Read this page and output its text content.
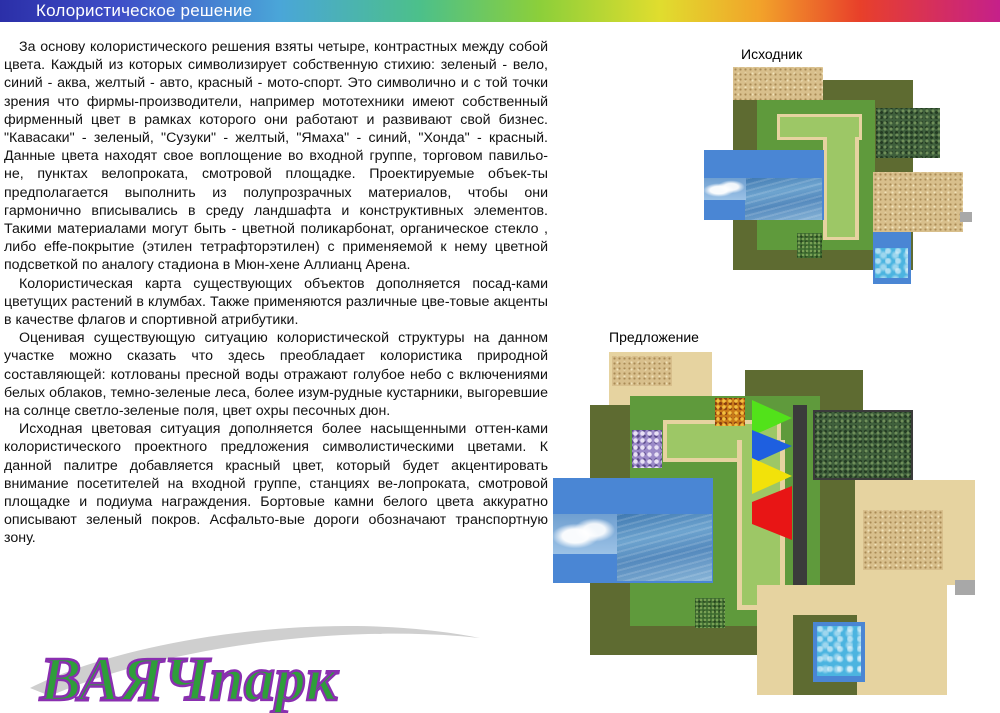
Колористическое решение

За основу колористического решения взяты четыре, контрастных между собой цвета. Каждый из которых символизирует собственную стихию: зеленый - вело, синий - аква, желтый - авто, красный - мото-спорт. Это символично и с той точки зрения что фирмы-производители, например мототехники имеют собственный фирменный цвет в рамках которого они работают и развивают свой бизнес. "Кавасаки" - зеленый, "Сузуки" - желтый, "Ямаха" - синий, "Хонда" - красный. Данные цвета находят свое воплощение во входной группе, торговом павильо-не, пунктах велопроката, смотровой площадке. Проектируемые объек-ты предполагается выполнить из полупрозрачных материалов, чтобы они гармонично вписывались в среду ландшафта и конструктивных элементов. Такими материалами могут быть - цветной поликарбонат, органическое стекло , либо effe-покрытие (этилен тетрафторэтилен) с применяемой к нему цветной подсветкой по аналогу стадиона в Мюн-хене Аллианц Арена.

Колористическая карта существующих объектов дополняется посад-ками цветущих растений в клумбах. Также применяются различные цве-товые акценты в качестве флагов и спортивной атрибутики.

Оценивая существующую ситуацию колористической структуры на данном участке можно сказать что здесь преобладает колористика природной составляющей: котлованы пресной воды отражают голубое небо с включениями белых облаков, темно-зеленые леса, более изум-рудные кустарники, выгоревшие на солнце светло-зеленые поля, цвет охры песочных дюн.

Исходная цветовая ситуация дополняется более насыщенными оттен-ками колористического проектного предложения символистическими цветами. К данной палитре добавляется красный цвет, который будет акцентировать внимание посетителей на входной группе, станциях ве-лопроката, смотровой площадке и подиума награждения. Бортовые камни белого цвета аккуратно описывают зеленый покров. Асфальто-вые дороги обозначают транспортную зону.

Исходник
Предложение
ВАЯЧпарк
